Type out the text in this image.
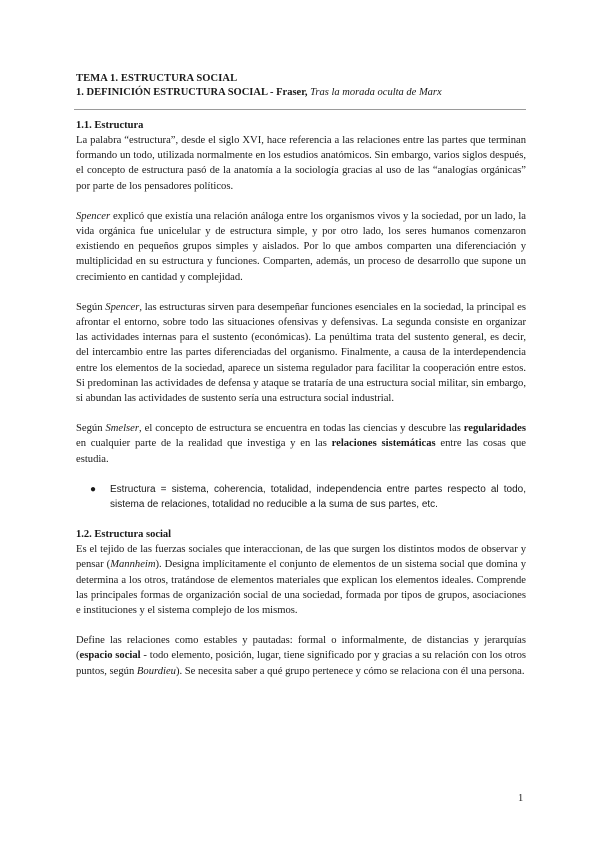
TEMA 1. ESTRUCTURA SOCIAL
1. DEFINICIÓN ESTRUCTURA SOCIAL - Fraser, Tras la morada oculta de Marx
1.1. Estructura

La palabra “estructura”, desde el siglo XVI, hace referencia a las relaciones entre las partes que terminan formando un todo, utilizada normalmente en los estudios anatómicos. Sin embargo, varios siglos después, el concepto de estructura pasó de la anatomía a la sociología gracias al uso de las “analogías orgánicas” por parte de los pensadores políticos.

Spencer explicó que existía una relación análoga entre los organismos vivos y la sociedad, por un lado, la vida orgánica fue unicelular y de estructura simple, y por otro lado, los seres humanos comenzaron existiendo en pequeños grupos simples y aislados. Por lo que ambos comparten una diferenciación y multiplicidad en su estructura y funciones. Comparten, además, un proceso de desarrollo que supone un crecimiento en cantidad y complejidad.

Según Spencer, las estructuras sirven para desempeñar funciones esenciales en la sociedad, la principal es afrontar el entorno, sobre todo las situaciones ofensivas y defensivas. La segunda consiste en organizar las actividades internas para el sustento (económicas). La penúltima trata del sustento general, es decir, del intercambio entre las partes diferenciadas del organismo. Finalmente, a causa de la interdependencia entre los elementos de la sociedad, aparece un sistema regulador para facilitar la cooperación entre estos. Si predominan las actividades de defensa y ataque se trataría de una estructura social militar, sin embargo, si abundan las actividades de sustento sería una estructura social industrial.

Según Smelser, el concepto de estructura se encuentra en todas las ciencias y descubre las regularidades en cualquier parte de la realidad que investiga y en las relaciones sistemáticas entre las cosas que estudia.

●	Estructura = sistema, coherencia, totalidad, independencia entre partes respecto al todo, sistema de relaciones, totalidad no reducible a la suma de sus partes, etc.

1.2. Estructura social

Es el tejido de las fuerzas sociales que interaccionan, de las que surgen los distintos modos de observar y pensar (Mannheim). Designa implícitamente el conjunto de elementos de un sistema social que domina y determina a los otros, tratándose de elementos materiales que explican los elementos ideales. Comprende las principales formas de organización social de una sociedad, formada por tipos de grupos, asociaciones e instituciones y el sistema complejo de los mismos.

Define las relaciones como estables y pautadas: formal o informalmente, de distancias y jerarquías (espacio social - todo elemento, posición, lugar, tiene significado por y gracias a su relación con los otros puntos, según Bourdieu). Se necesita saber a qué grupo pertenece y cómo se relaciona con él una persona.

1
